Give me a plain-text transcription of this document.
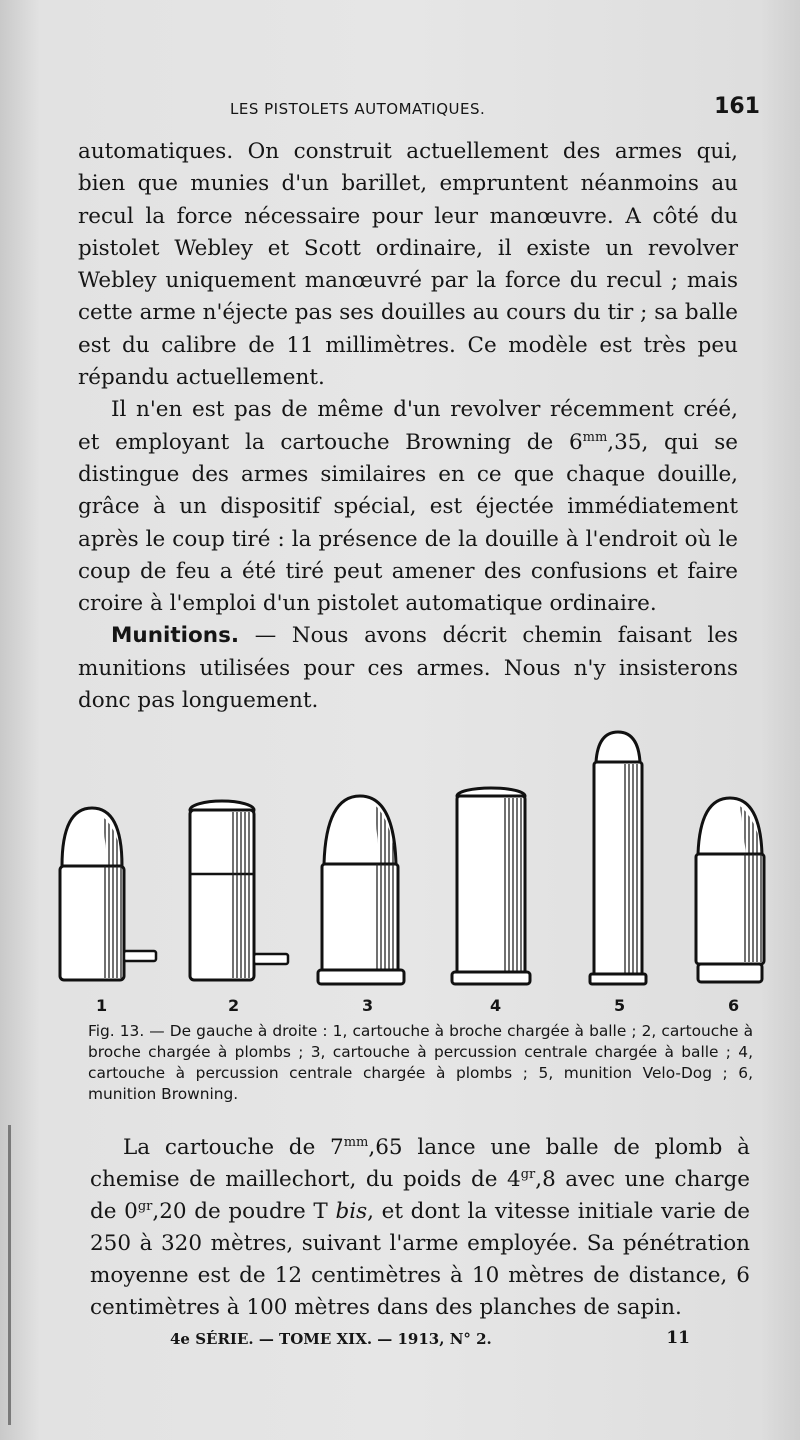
LES PISTOLETS AUTOMATIQUES.	161

automatiques. On construit actuellement des armes qui, bien que munies d'un barillet, empruntent néanmoins au recul la force nécessaire pour leur manœuvre. A côté du pistolet Webley et Scott ordinaire, il existe un revolver Webley uniquement manœuvré par la force du recul ; mais cette arme n'éjecte pas ses douilles au cours du tir ; sa balle est du calibre de 11 millimètres. Ce modèle est très peu répandu actuellement.

Il n'en est pas de même d'un revolver récemment créé, et employant la cartouche Browning de $6^{mm},35$, qui se distingue des armes similaires en ce que chaque douille, grâce à un dispositif spécial, est éjectée immédiatement après le coup tiré : la présence de la douille à l'endroit où le coup de feu a été tiré peut amener des confusions et faire croire à l'emploi d'un pistolet automatique ordinaire.

Munitions. — Nous avons décrit chemin faisant les munitions utilisées pour ces armes. Nous n'y insisterons donc pas longuement.

1	2	3	4	5	6
Fig. 13. — De gauche à droite : 1, cartouche à broche chargée à balle ; 2, cartouche à broche chargée à plombs ; 3, cartouche à percussion centrale chargée à balle ; 4, cartouche à percussion centrale chargée à plombs ; 5, munition Velo-Dog ; 6, munition Browning.

La cartouche de $7^{mm},65$ lance une balle de plomb à chemise de maillechort, du poids de $4^{gr},8$ avec une charge de $0^{gr},20$ de poudre T bis, et dont la vitesse initiale varie de 250 à 320 mètres, suivant l'arme employée. Sa pénétration moyenne est de 12 centimètres à 10 mètres de distance, 6 centimètres à 100 mètres dans des planches de sapin.

4e SÉRIE. — TOME XIX. — 1913, N° 2.	11
